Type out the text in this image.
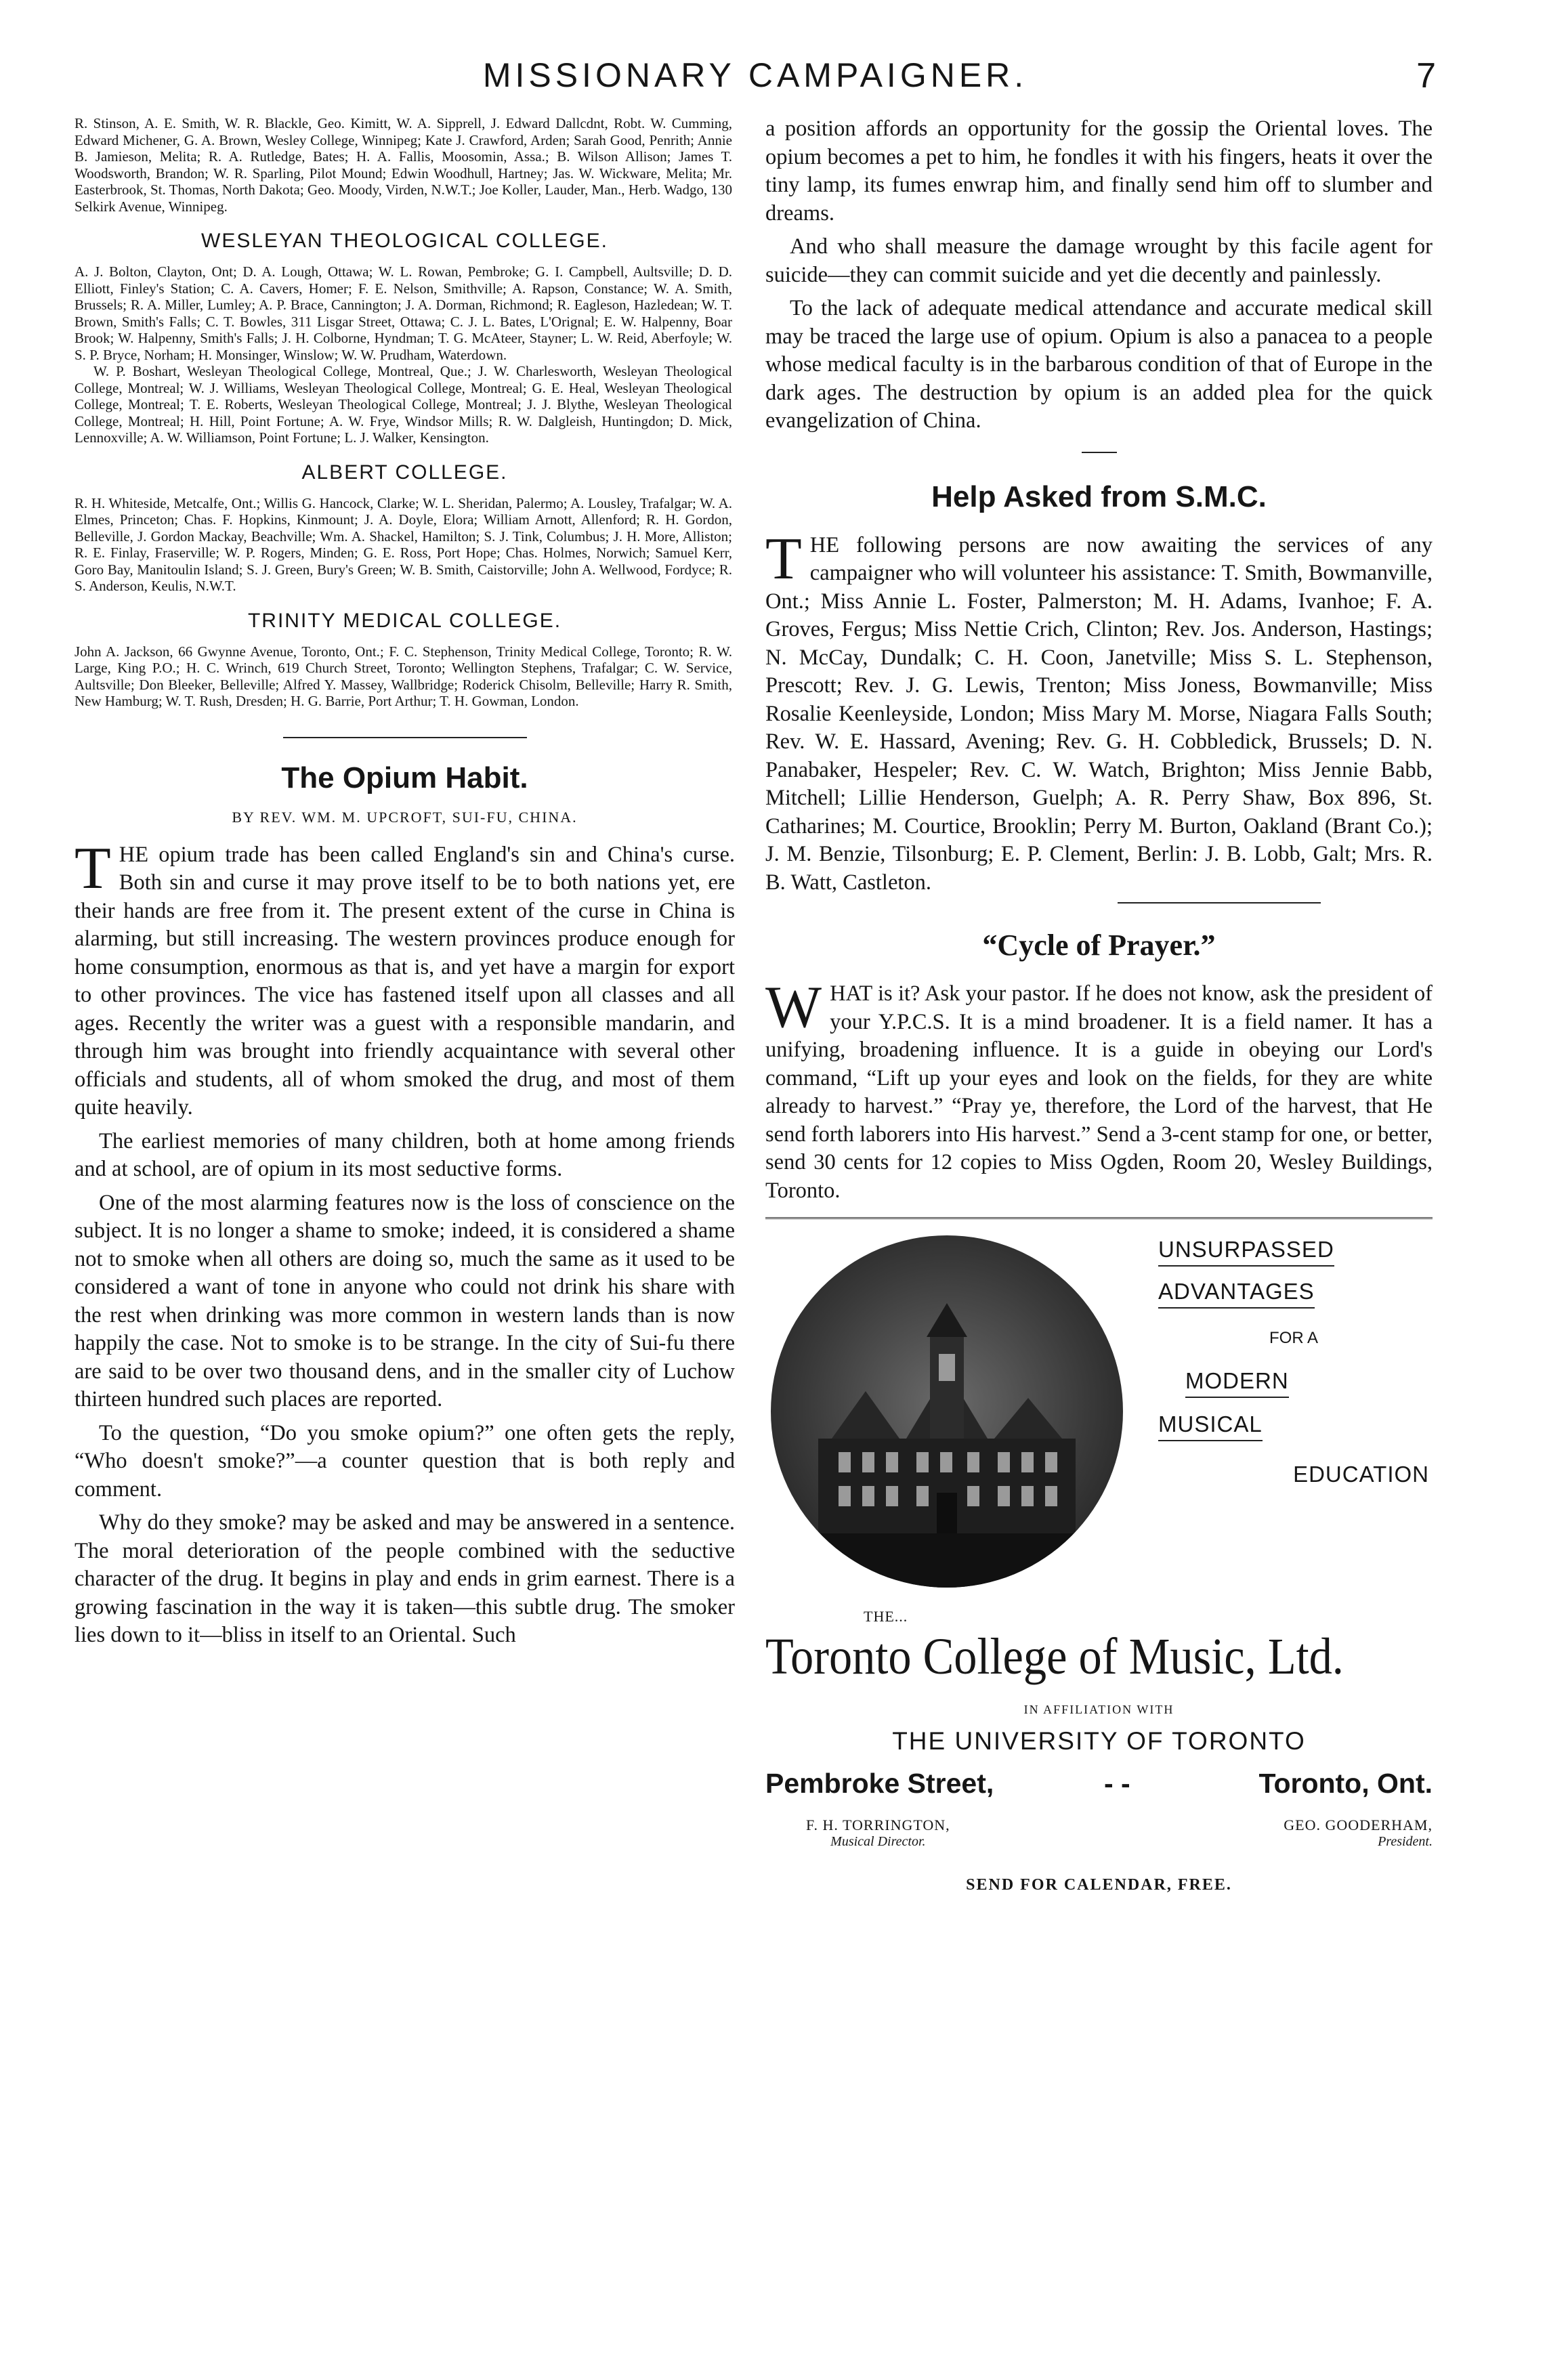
MISSIONARY CAMPAIGNER.	7

R. Stinson, A. E. Smith, W. R. Blackle, Geo. Kimitt, W. A. Sipprell, J. Edward Dallcdnt, Robt. W. Cumming, Edward Michener, G. A. Brown, Wesley College, Winnipeg; Kate J. Crawford, Arden; Sarah Good, Penrith; Annie B. Jamieson, Melita; R. A. Rutledge, Bates; H. A. Fallis, Moosomin, Assa.; B. Wilson Allison; James T. Woodsworth, Brandon; W. R. Sparling, Pilot Mound; Edwin Woodhull, Hartney; Jas. W. Wickware, Melita; Mr. Easterbrook, St. Thomas, North Dakota; Geo. Moody, Virden, N.W.T.; Joe Koller, Lauder, Man., Herb. Wadgo, 130 Selkirk Avenue, Winnipeg.

WESLEYAN THEOLOGICAL COLLEGE.

A. J. Bolton, Clayton, Ont; D. A. Lough, Ottawa; W. L. Rowan, Pembroke; G. I. Campbell, Aultsville; D. D. Elliott, Finley's Station; C. A. Cavers, Homer; F. E. Nelson, Smithville; A. Rapson, Constance; W. A. Smith, Brussels; R. A. Miller, Lumley; A. P. Brace, Cannington; J. A. Dorman, Richmond; R. Eagleson, Hazledean; W. T. Brown, Smith's Falls; C. T. Bowles, 311 Lisgar Street, Ottawa; C. J. L. Bates, L'Orignal; E. W. Halpenny, Boar Brook; W. Halpenny, Smith's Falls; J. H. Colborne, Hyndman; T. G. McAteer, Stayner; L. W. Reid, Aberfoyle; W. S. P. Bryce, Norham; H. Monsinger, Winslow; W. W. Prudham, Waterdown.

W. P. Boshart, Wesleyan Theological College, Montreal, Que.; J. W. Charlesworth, Wesleyan Theological College, Montreal; W. J. Williams, Wesleyan Theological College, Montreal; G. E. Heal, Wesleyan Theological College, Montreal; T. E. Roberts, Wesleyan Theological College, Montreal; J. J. Blythe, Wesleyan Theological College, Montreal; H. Hill, Point Fortune; A. W. Frye, Windsor Mills; R. W. Dalgleish, Huntingdon; D. Mick, Lennoxville; A. W. Williamson, Point Fortune; L. J. Walker, Kensington.

ALBERT COLLEGE.

R. H. Whiteside, Metcalfe, Ont.; Willis G. Hancock, Clarke; W. L. Sheridan, Palermo; A. Lousley, Trafalgar; W. A. Elmes, Princeton; Chas. F. Hopkins, Kinmount; J. A. Doyle, Elora; William Arnott, Allenford; R. H. Gordon, Belleville, J. Gordon Mackay, Beachville; Wm. A. Shackel, Hamilton; S. J. Tink, Columbus; J. H. More, Alliston; R. E. Finlay, Fraserville; W. P. Rogers, Minden; G. E. Ross, Port Hope; Chas. Holmes, Norwich; Samuel Kerr, Goro Bay, Manitoulin Island; S. J. Green, Bury's Green; W. B. Smith, Caistorville; John A. Wellwood, Fordyce; R. S. Anderson, Keulis, N.W.T.

TRINITY MEDICAL COLLEGE.

John A. Jackson, 66 Gwynne Avenue, Toronto, Ont.; F. C. Stephenson, Trinity Medical College, Toronto; R. W. Large, King P.O.; H. C. Wrinch, 619 Church Street, Toronto; Wellington Stephens, Trafalgar; C. W. Service, Aultsville; Don Bleeker, Belleville; Alfred Y. Massey, Wallbridge; Roderick Chisolm, Belleville; Harry R. Smith, New Hamburg; W. T. Rush, Dresden; H. G. Barrie, Port Arthur; T. H. Gowman, London.

The Opium Habit.
BY REV. WM. M. UPCROFT, SUI-FU, CHINA.

THE opium trade has been called England's sin and China's curse. Both sin and curse it may prove itself to be to both nations yet, ere their hands are free from it. The present extent of the curse in China is alarming, but still increasing. The western provinces produce enough for home consumption, enormous as that is, and yet have a margin for export to other provinces. The vice has fastened itself upon all classes and all ages. Recently the writer was a guest with a responsible mandarin, and through him was brought into friendly acquaintance with several other officials and students, all of whom smoked the drug, and most of them quite heavily.

The earliest memories of many children, both at home among friends and at school, are of opium in its most seductive forms.

One of the most alarming features now is the loss of conscience on the subject. It is no longer a shame to smoke; indeed, it is considered a shame not to smoke when all others are doing so, much the same as it used to be considered a want of tone in anyone who could not drink his share with the rest when drinking was more common in western lands than is now happily the case. Not to smoke is to be strange. In the city of Sui-fu there are said to be over two thousand dens, and in the smaller city of Luchow thirteen hundred such places are reported.

To the question, “Do you smoke opium?” one often gets the reply, “Who doesn't smoke?”—a counter question that is both reply and comment.

Why do they smoke? may be asked and may be answered in a sentence. The moral deterioration of the people combined with the seductive character of the drug. It begins in play and ends in grim earnest. There is a growing fascination in the way it is taken—this subtle drug. The smoker lies down to it—bliss in itself to an Oriental. Such

a position affords an opportunity for the gossip the Oriental loves. The opium becomes a pet to him, he fondles it with his fingers, heats it over the tiny lamp, its fumes enwrap him, and finally send him off to slumber and dreams.

And who shall measure the damage wrought by this facile agent for suicide—they can commit suicide and yet die decently and painlessly.

To the lack of adequate medical attendance and accurate medical skill may be traced the large use of opium. Opium is also a panacea to a people whose medical faculty is in the barbarous condition of that of Europe in the dark ages. The destruction by opium is an added plea for the quick evangelization of China.

Help Asked from S.M.C.

THE following persons are now awaiting the services of any campaigner who will volunteer his assistance: T. Smith, Bowmanville, Ont.; Miss Annie L. Foster, Palmerston; M. H. Adams, Ivanhoe; F. A. Groves, Fergus; Miss Nettie Crich, Clinton; Rev. Jos. Anderson, Hastings; N. McCay, Dundalk; C. H. Coon, Janetville; Miss S. L. Stephenson, Prescott; Rev. J. G. Lewis, Trenton; Miss Joness, Bowmanville; Miss Rosalie Keenleyside, London; Miss Mary M. Morse, Niagara Falls South; Rev. W. E. Hassard, Avening; Rev. G. H. Cobbledick, Brussels; D. N. Panabaker, Hespeler; Rev. C. W. Watch, Brighton; Miss Jennie Babb, Mitchell; Lillie Henderson, Guelph; A. R. Perry Shaw, Box 896, St. Catharines; M. Courtice, Brooklin; Perry M. Burton, Oakland (Brant Co.); J. M. Benzie, Tilsonburg; E. P. Clement, Berlin: J. B. Lobb, Galt; Mrs. R. B. Watt, Castleton.

“Cycle of Prayer.”

WHAT is it? Ask your pastor. If he does not know, ask the president of your Y.P.C.S. It is a mind broadener. It is a field namer. It has a unifying, broadening influence. It is a guide in obeying our Lord's command, “Lift up your eyes and look on the fields, for they are white already to harvest.” “Pray ye, therefore, the Lord of the harvest, that He send forth laborers into His harvest.” Send a 3-cent stamp for one, or better, send 30 cents for 12 copies to Miss Ogden, Room 20, Wesley Buildings, Toronto.

UNSURPASSED

ADVANTAGES

FOR A

MODERN

MUSICAL

EDUCATION

THE...
Toronto College of Music, Ltd.
IN AFFILIATION WITH
THE UNIVERSITY OF TORONTO
Pembroke Street,	- -	Toronto, Ont.
F. H. TORRINGTON,
Musical Director.
GEO. GOODERHAM,
President.
SEND FOR CALENDAR, FREE.
